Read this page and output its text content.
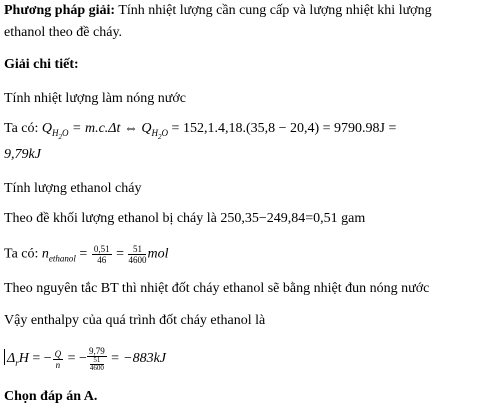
Phương pháp giải: Tính nhiệt lượng cần cung cấp và lượng nhiệt khi lượng
ethanol theo đề cháy.
Giải chi tiết:
Tính nhiệt lượng làm nóng nước
Ta có: $Q_{H_2O} = m.c.\Delta t$ ⇔ $Q_{H_2O} = 152,1.4,18.(35,8 - 20,4) = 9790.98J$ =
9,79kJ
Tính lượng ethanol cháy
Theo đề khối lượng ethanol bị cháy là 250,35−249,84=0,51 gam
Ta có: $n_{ethanol} = \frac{0,51}{46} = \frac{51}{4600}$ mol
Theo nguyên tắc BT thì nhiệt đốt cháy ethanol sẽ bằng nhiệt đun nóng nước
Vậy enthalpy của quá trình đốt cháy ethanol là
$\Delta_rH$ = − $\frac{Q}{n}$ = − $\frac{9,79}{\frac{51}{4600}} = -883kJ$
Chọn đáp án A.
